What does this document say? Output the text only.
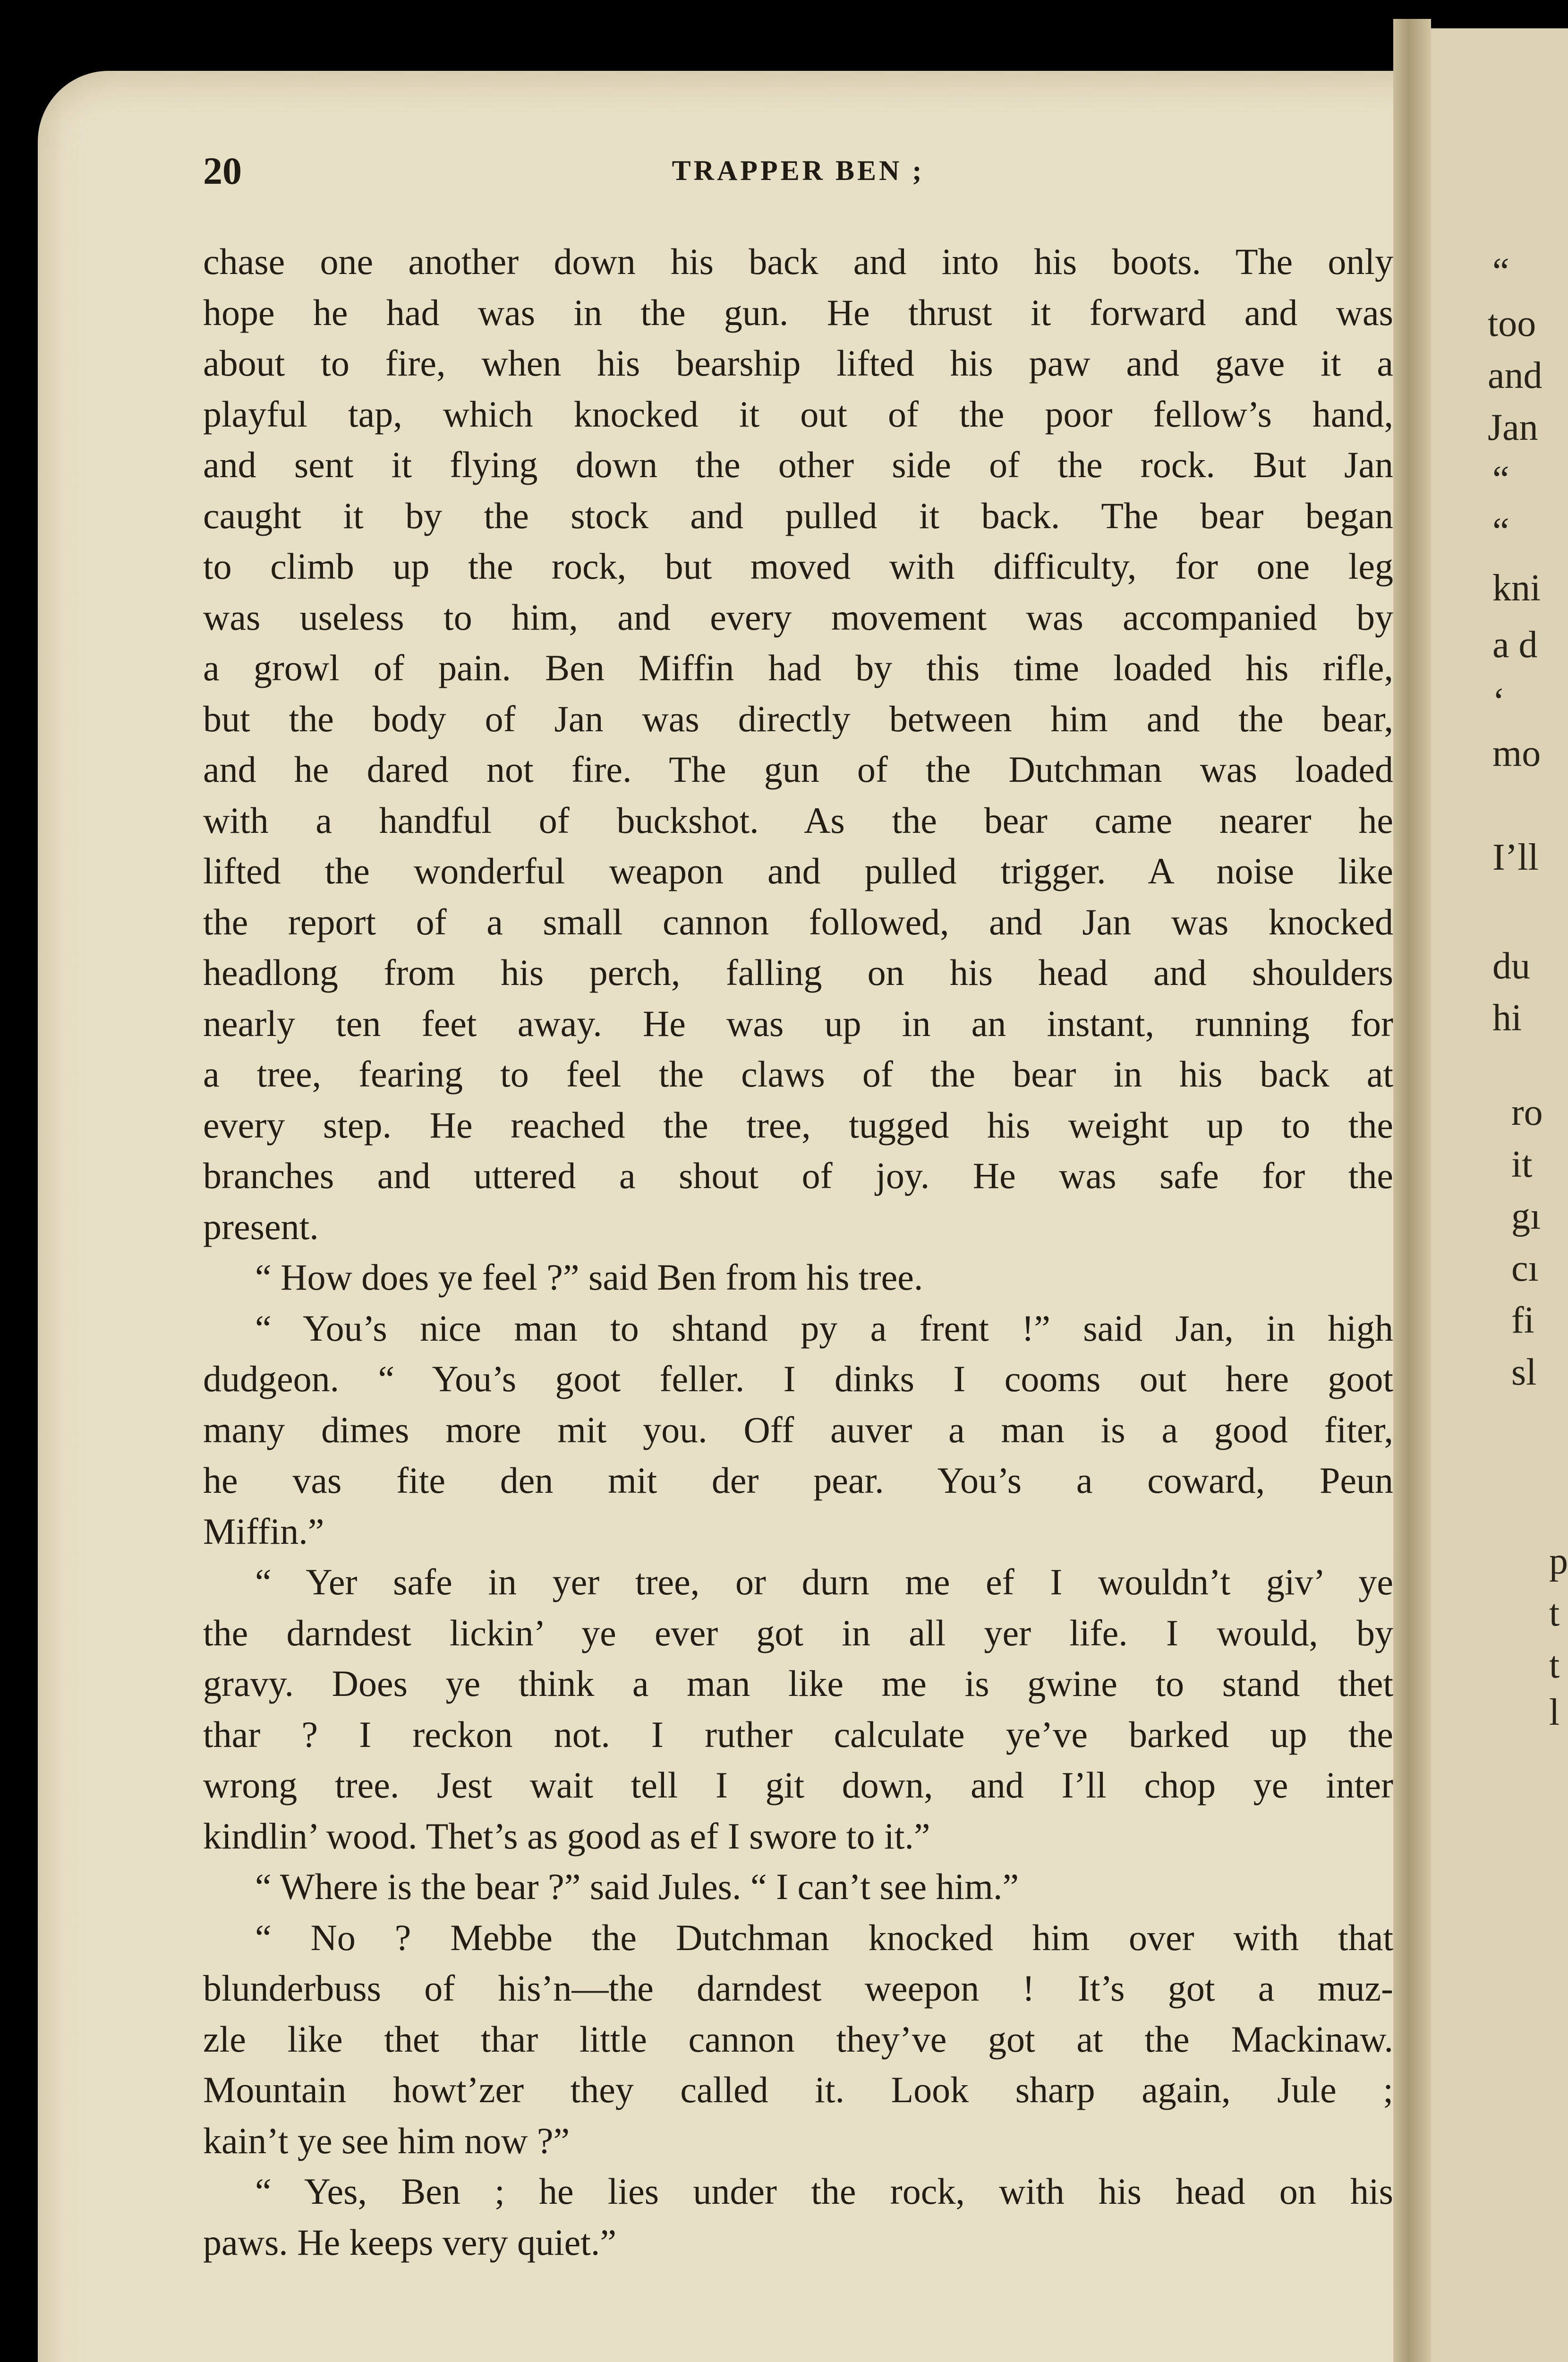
“
too
and
Jan
“
“
kni
a d
‘
mo
I’ll
du
hi
ro
it
gı
cı
fi
sl
p
t
t
l
20	TRAPPER BEN ;
chase one another down his back and into his boots. The only
hope he had was in the gun. He thrust it forward and was
about to fire, when his bearship lifted his paw and gave it a
playful tap, which knocked it out of the poor fellow’s hand,
and sent it flying down the other side of the rock. But Jan
caught it by the stock and pulled it back. The bear began
to climb up the rock, but moved with difficulty, for one leg
was useless to him, and every movement was accompanied by
a growl of pain. Ben Miffin had by this time loaded his rifle,
but the body of Jan was directly between him and the bear,
and he dared not fire. The gun of the Dutchman was loaded
with a handful of buckshot. As the bear came nearer he
lifted the wonderful weapon and pulled trigger. A noise like
the report of a small cannon followed, and Jan was knocked
headlong from his perch, falling on his head and shoulders
nearly ten feet away. He was up in an instant, running for
a tree, fearing to feel the claws of the bear in his back at
every step. He reached the tree, tugged his weight up to the
branches and uttered a shout of joy. He was safe for the
present.
“ How does ye feel ?” said Ben from his tree.
“ You’s nice man to shtand py a frent !” said Jan, in high
dudgeon. “ You’s goot feller. I dinks I cooms out here goot
many dimes more mit you. Off auver a man is a good fiter,
he vas fite den mit der pear. You’s a coward, Peun
Miffin.”
“ Yer safe in yer tree, or durn me ef I wouldn’t giv’ ye
the darndest lickin’ ye ever got in all yer life. I would, by
gravy. Does ye think a man like me is gwine to stand thet
thar ? I reckon not. I ruther calculate ye’ve barked up the
wrong tree. Jest wait tell I git down, and I’ll chop ye inter
kindlin’ wood. Thet’s as good as ef I swore to it.”
“ Where is the bear ?” said Jules. “ I can’t see him.”
“ No ? Mebbe the Dutchman knocked him over with that
blunderbuss of his’n—the darndest weepon ! It’s got a muz-
zle like thet thar little cannon they’ve got at the Mackinaw.
Mountain howt’zer they called it. Look sharp again, Jule ;
kain’t ye see him now ?”
“ Yes, Ben ; he lies under the rock, with his head on his
paws. He keeps very quiet.”
